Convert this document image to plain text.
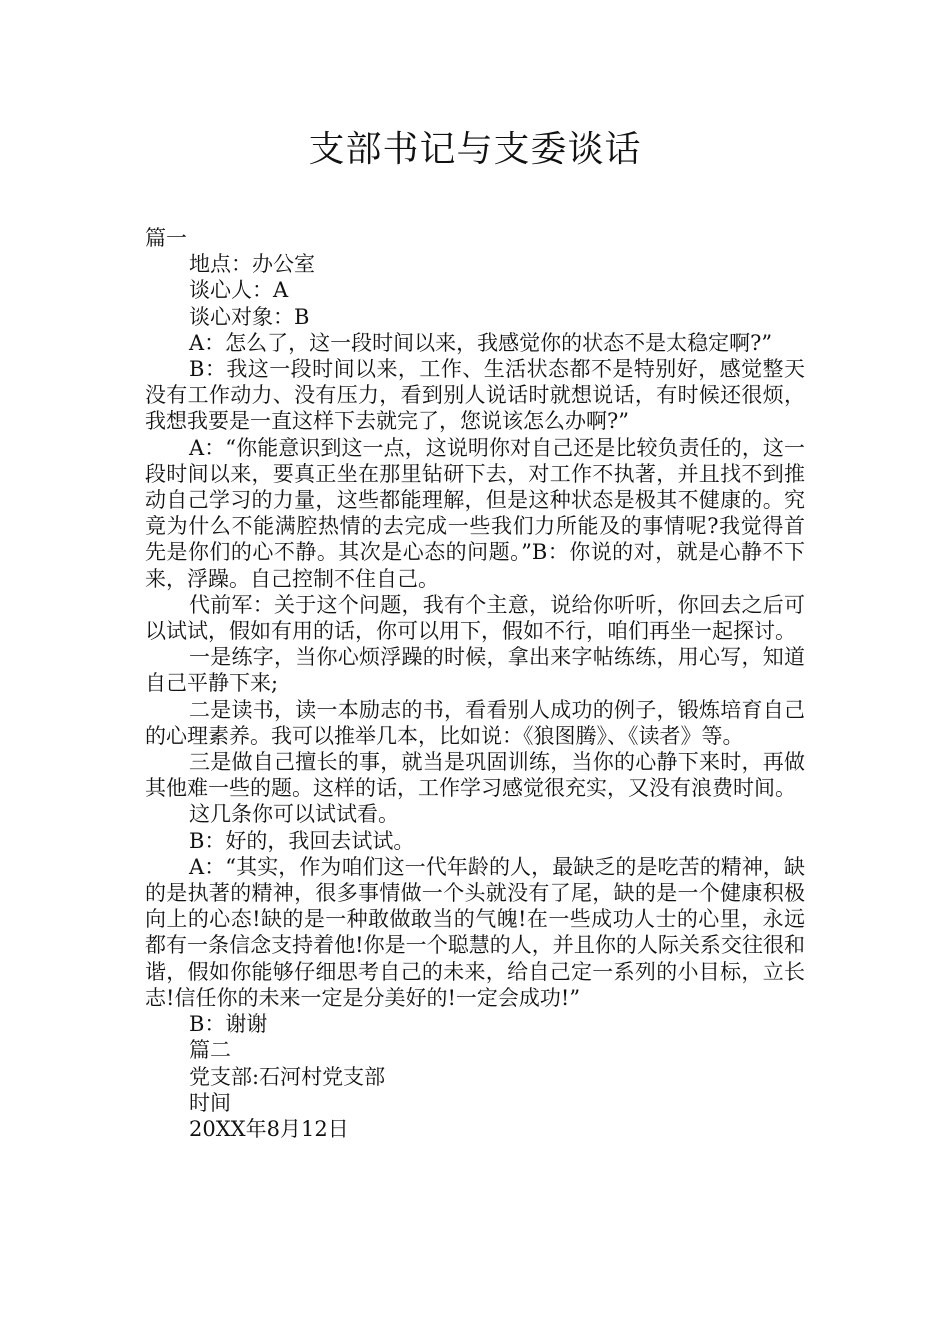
支部书记与支委谈话

篇一

地点：办公室

谈心人：A

谈心对象：B

A：怎么了，这一段时间以来，我感觉你的状态不是太稳定啊?”

B：我这一段时间以来，工作、生活状态都不是特别好，感觉整天没有工作动力、没有压力，看到别人说话时就想说话，有时候还很烦，我想我要是一直这样下去就完了，您说该怎么办啊?”

A：“你能意识到这一点，这说明你对自己还是比较负责任的，这一段时间以来，要真正坐在那里钻研下去，对工作不执著，并且找不到推动自己学习的力量，这些都能理解，但是这种状态是极其不健康的。究竟为什么不能满腔热情的去完成一些我们力所能及的事情呢?我觉得首先是你们的心不静。其次是心态的问题。”B：你说的对，就是心静不下来，浮躁。自己控制不住自己。

代前军：关于这个问题，我有个主意，说给你听听，你回去之后可以试试，假如有用的话，你可以用下，假如不行，咱们再坐一起探讨。

一是练字，当你心烦浮躁的时候，拿出来字帖练练，用心写，知道自己平静下来;

二是读书，读一本励志的书，看看别人成功的例子，锻炼培育自己的心理素养。我可以推举几本，比如说：《狼图腾》、《读者》等。

三是做自己擅长的事，就当是巩固训练，当你的心静下来时，再做其他难一些的题。这样的话，工作学习感觉很充实，又没有浪费时间。

这几条你可以试试看。

B：好的，我回去试试。

A：“其实，作为咱们这一代年龄的人，最缺乏的是吃苦的精神，缺的是执著的精神，很多事情做一个头就没有了尾，缺的是一个健康积极向上的心态!缺的是一种敢做敢当的气魄!在一些成功人士的心里，永远都有一条信念支持着他!你是一个聪慧的人，并且你的人际关系交往很和谐，假如你能够仔细思考自己的未来，给自己定一系列的小目标，立长志!信任你的未来一定是分美好的!一定会成功!”

B：谢谢

篇二

党支部:石河村党支部

时间

20XX年8月12日
